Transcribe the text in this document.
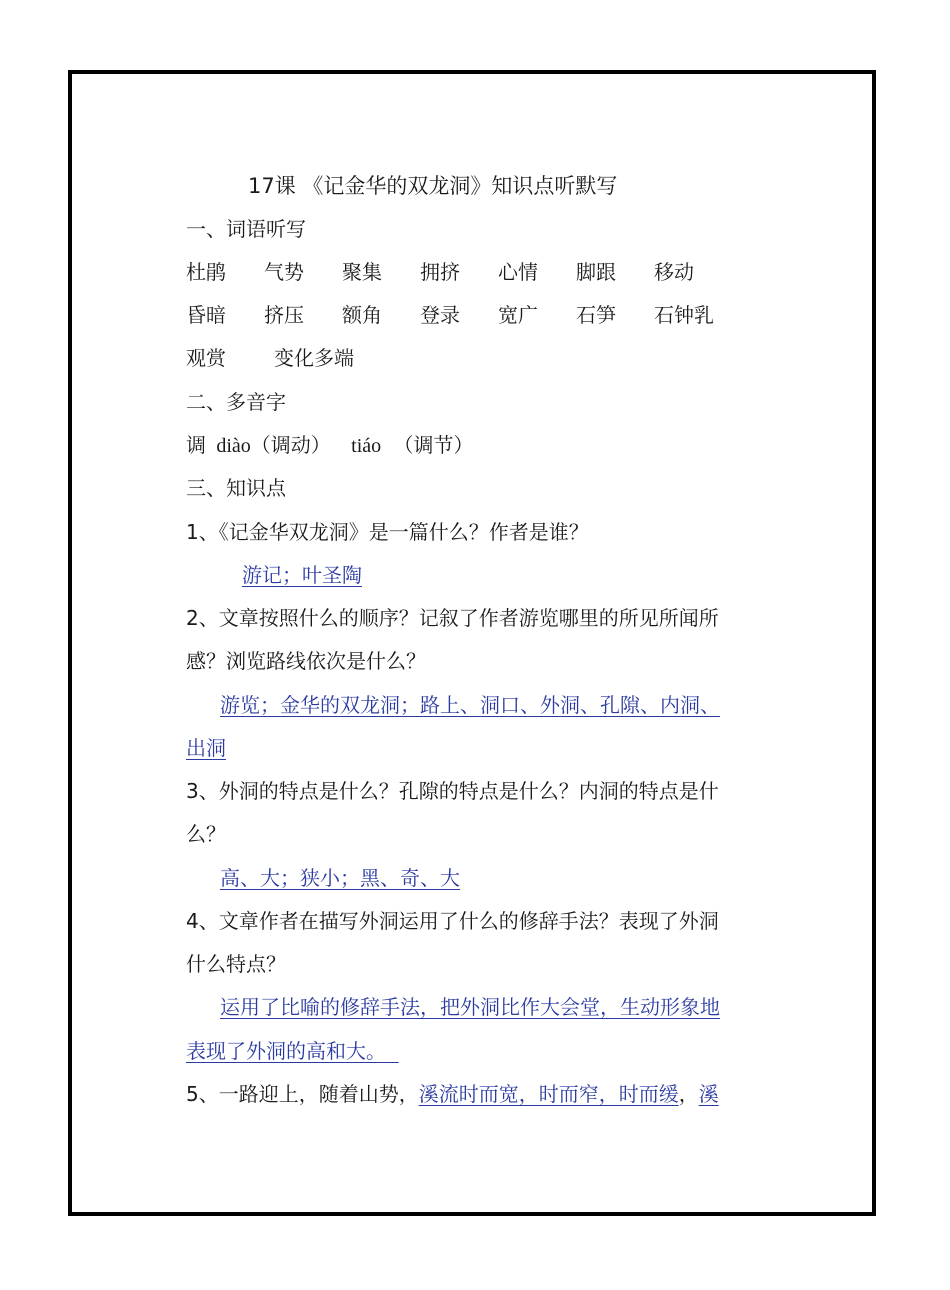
17课 《记金华的双龙洞》知识点听默写
一、词语听写
杜鹃 气势 聚集 拥挤 心情 脚跟 移动
昏暗 挤压 额角 登录 宽广 石笋 石钟乳
观赏 变化多端
二、多音字
调 diào（调动） tiáo （调节）
三、知识点
1、《记金华双龙洞》是一篇什么？作者是谁？
游记；叶圣陶
2、文章按照什么的顺序？记叙了作者游览哪里的所见所闻所
感？浏览路线依次是什么？
游览；金华的双龙洞；路上、洞口、外洞、孔隙、内洞、
出洞
3、外洞的特点是什么？孔隙的特点是什么？内洞的特点是什
么？
高、大；狭小；黑、奇、大
4、文章作者在描写外洞运用了什么的修辞手法？表现了外洞
什么特点？
运用了比喻的修辞手法，把外洞比作大会堂，生动形象地
表现了外洞的高和大。
5、一路迎上，随着山势，溪流时而宽，时而窄，时而缓，溪
